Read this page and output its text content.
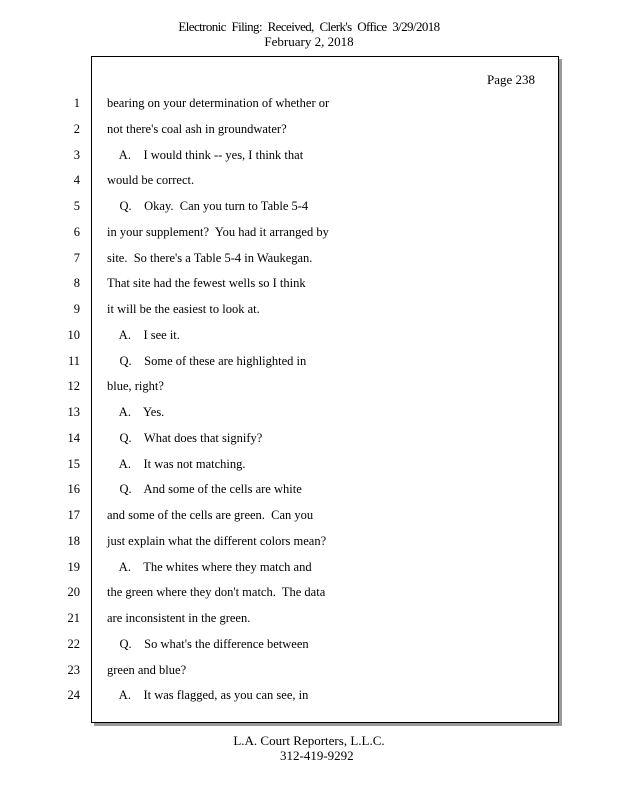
Electronic Filing: Received, Clerk's Office 3/29/2018
February 2, 2018
Page 238
1 bearing on your determination of whether or
2 not there's coal ash in groundwater?
3 A.    I would think -- yes, I think that
4 would be correct.
5 Q.    Okay.  Can you turn to Table 5-4
6 in your supplement?  You had it arranged by
7 site.  So there's a Table 5-4 in Waukegan.
8 That site had the fewest wells so I think
9 it will be the easiest to look at.
10 A.    I see it.
11 Q.    Some of these are highlighted in
12 blue, right?
13 A.    Yes.
14 Q.    What does that signify?
15 A.    It was not matching.
16 Q.    And some of the cells are white
17 and some of the cells are green.  Can you
18 just explain what the different colors mean?
19 A.    The whites where they match and
20 the green where they don't match.  The data
21 are inconsistent in the green.
22 Q.    So what's the difference between
23 green and blue?
24 A.    It was flagged, as you can see, in
L.A. Court Reporters, L.L.C.
312-419-9292
